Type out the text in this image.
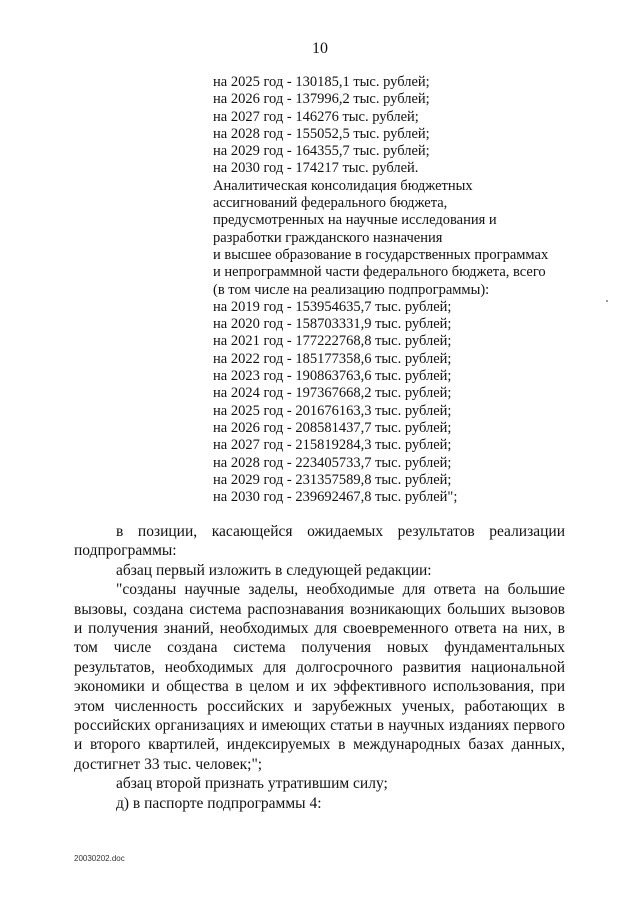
10
на 2025 год - 130185,1 тыс. рублей;
на 2026 год - 137996,2 тыс. рублей;
на 2027 год - 146276 тыс. рублей;
на 2028 год - 155052,5 тыс. рублей;
на 2029 год - 164355,7 тыс. рублей;
на 2030 год - 174217 тыс. рублей.
Аналитическая консолидация бюджетных
ассигнований федерального бюджета,
предусмотренных на научные исследования и
разработки гражданского назначения
и высшее образование в государственных программах
и непрограммной части федерального бюджета, всего
(в том числе на реализацию подпрограммы):
на 2019 год - 153954635,7 тыс. рублей;
на 2020 год - 158703331,9 тыс. рублей;
на 2021 год - 177222768,8 тыс. рублей;
на 2022 год - 185177358,6 тыс. рублей;
на 2023 год - 190863763,6 тыс. рублей;
на 2024 год - 197367668,2 тыс. рублей;
на 2025 год - 201676163,3 тыс. рублей;
на 2026 год - 208581437,7 тыс. рублей;
на 2027 год - 215819284,3 тыс. рублей;
на 2028 год - 223405733,7 тыс. рублей;
на 2029 год - 231357589,8 тыс. рублей;
на 2030 год - 239692467,8 тыс. рублей";

в позиции, касающейся ожидаемых результатов реализации

подпрограммы:

абзац первый изложить в следующей редакции:

"созданы научные заделы, необходимые для ответа на большие вызовы, создана система распознавания возникающих больших вызовов и получения знаний, необходимых для своевременного ответа на них, в том числе создана система получения новых фундаментальных результатов, необходимых для долгосрочного развития национальной экономики и общества в целом и их эффективного использования, при этом численность российских и зарубежных ученых, работающих в российских организациях и имеющих статьи в научных изданиях первого и второго квартилей, индексируемых в международных базах данных, достигнет 33 тыс. человек;";

абзац второй признать утратившим силу;

д) в паспорте подпрограммы 4:

20030202.doc
